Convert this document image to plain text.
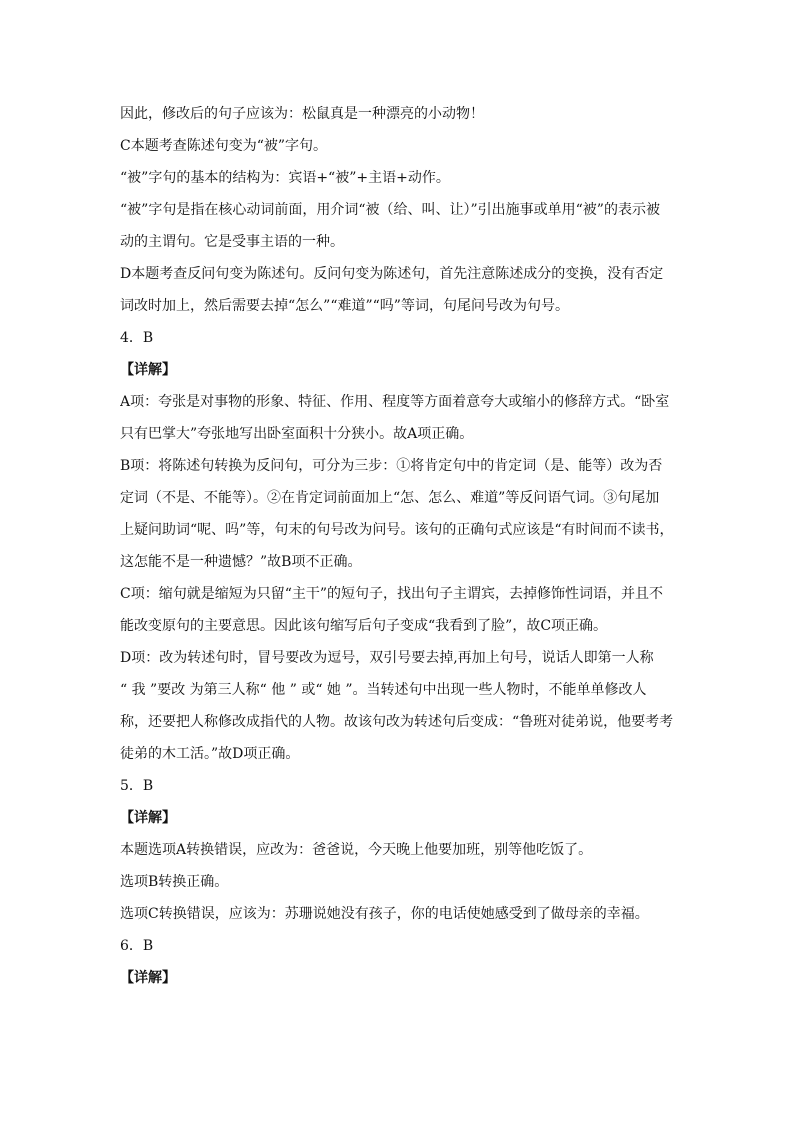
因此，修改后的句子应该为：松鼠真是一种漂亮的小动物！
C本题考查陈述句变为“被”字句。
“被”字句的基本的结构为：宾语+“被”+主语+动作。
“被”字句是指在核心动词前面，用介词“被（给、叫、让）”引出施事或单用“被”的表示被
动的主谓句。它是受事主语的一种。
D本题考查反问句变为陈述句。反问句变为陈述句，首先注意陈述成分的变换，没有否定
词改时加上，然后需要去掉“怎么”“难道”“吗”等词，句尾问号改为句号。
4．B
【详解】
A项：夸张是对事物的形象、特征、作用、程度等方面着意夸大或缩小的修辞方式。“卧室
只有巴掌大”夸张地写出卧室面积十分狭小。故A项正确。
B项：将陈述句转换为反问句，可分为三步：①将肯定句中的肯定词（是、能等）改为否
定词（不是、不能等）。②在肯定词前面加上“怎、怎么、难道”等反问语气词。③句尾加
上疑问助词“呢、吗”等，句末的句号改为问号。该句的正确句式应该是“有时间而不读书，
这怎能不是一种遗憾？”故B项不正确。
C项：缩句就是缩短为只留“主干”的短句子，找出句子主谓宾，去掉修饰性词语，并且不
能改变原句的主要意思。因此该句缩写后句子变成“我看到了脸”，故C项正确。
D项：改为转述句时，冒号要改为逗号，双引号要去掉,再加上句号，说话人即第一人称
“ 我 ”要改 为第三人称“ 他 ” 或“ 她 ”。当转述句中出现一些人物时，不能单单修改人
称，还要把人称修改成指代的人物。故该句改为转述句后变成：“鲁班对徒弟说，他要考考
徒弟的木工活。”故D项正确。
5．B
【详解】
本题选项A转换错误，应改为：爸爸说，今天晚上他要加班，别等他吃饭了。
选项B转换正确。
选项C转换错误，应该为：苏珊说她没有孩子，你的电话使她感受到了做母亲的幸福。
6．B
【详解】
